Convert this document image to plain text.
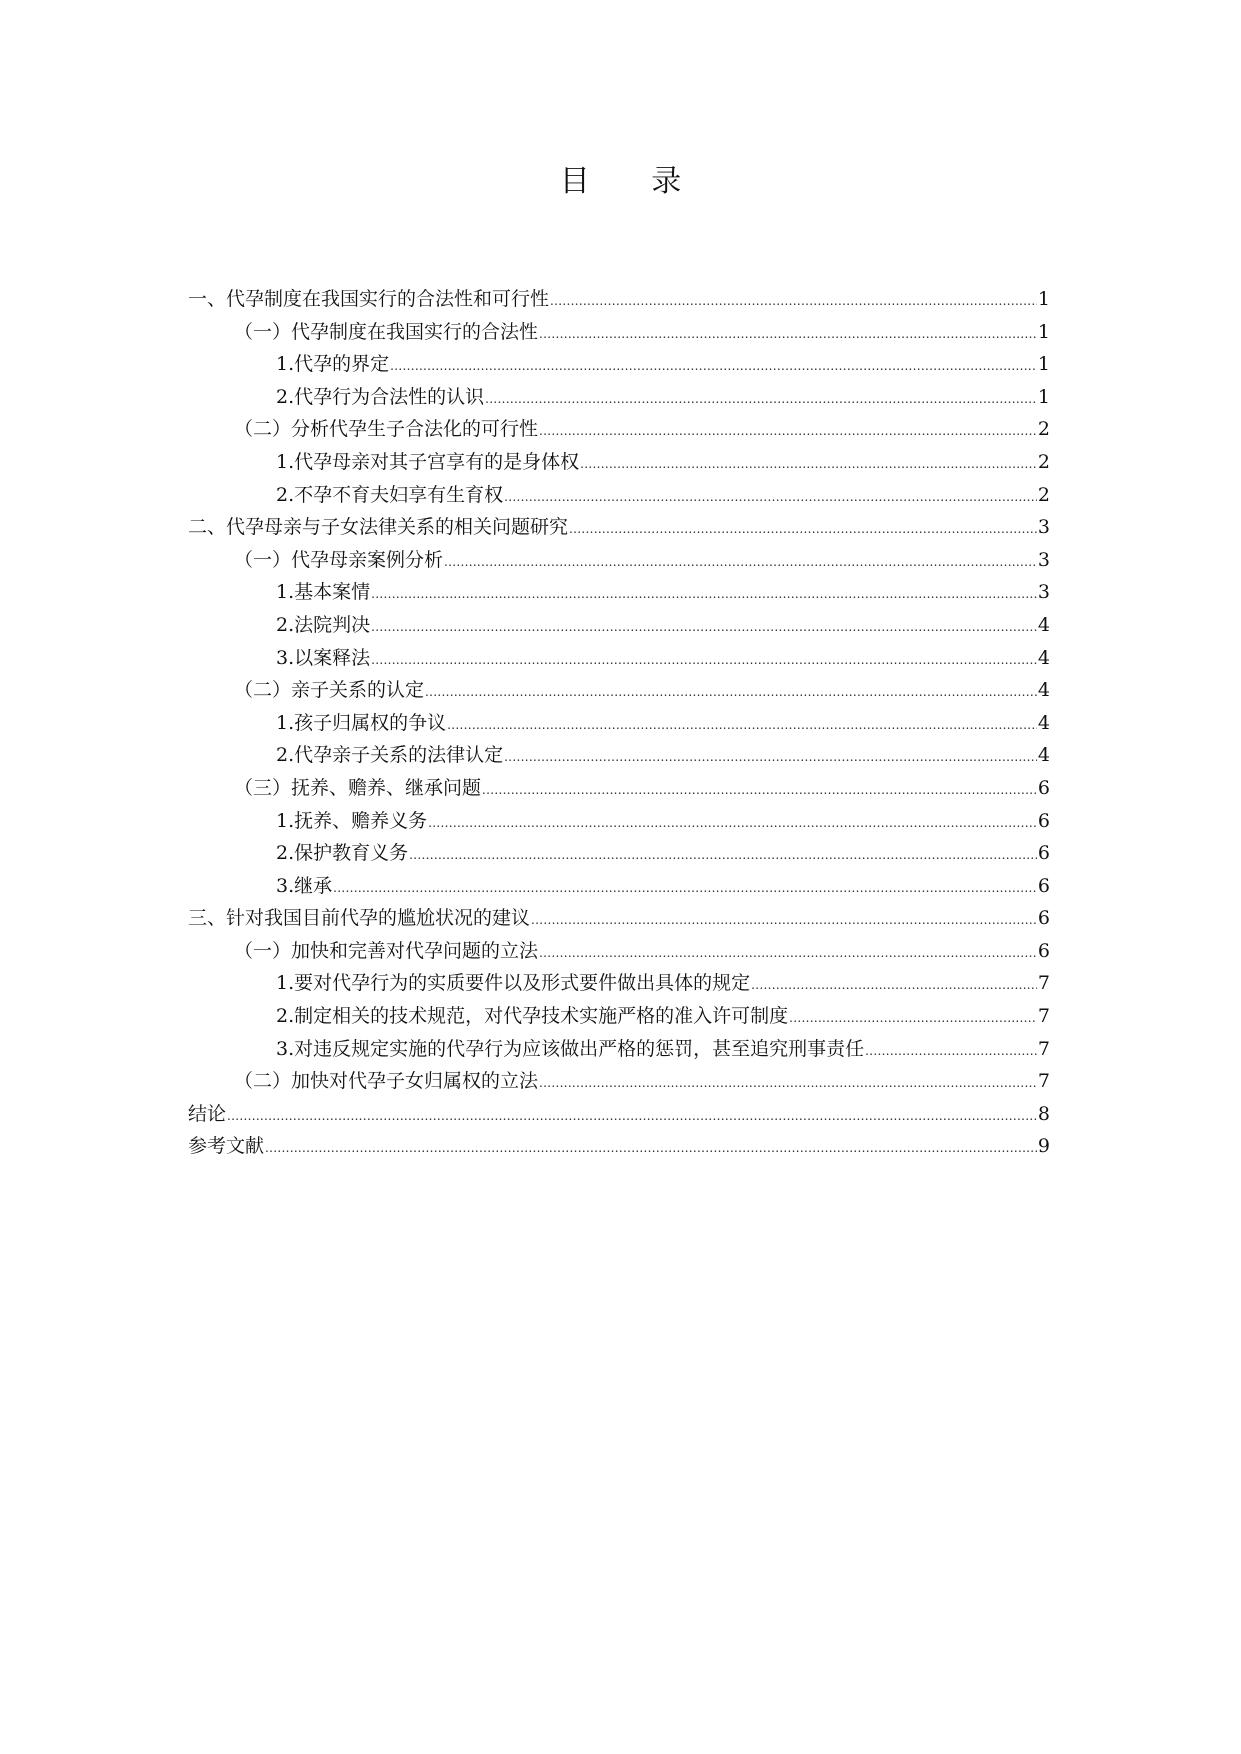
目 录
一、代孕制度在我国实行的合法性和可行性 .....	1
（一）代孕制度在我国实行的合法性 .....	1
1.代孕的界定 .....	1
2.代孕行为合法性的认识 .....	1
（二）分析代孕生子合法化的可行性 .....	2
1.代孕母亲对其子宫享有的是身体权 .....	2
2.不孕不育夫妇享有生育权 .....	2
二、代孕母亲与子女法律关系的相关问题研究 .....	3
（一）代孕母亲案例分析 .....	3
1.基本案情 .....	3
2.法院判决 .....	4
3.以案释法 .....	4
（二）亲子关系的认定 .....	4
1.孩子归属权的争议 .....	4
2.代孕亲子关系的法律认定 .....	4
（三）抚养、赡养、继承问题 .....	6
1.抚养、赡养义务 .....	6
2.保护教育义务 .....	6
3.继承 .....	6
三、针对我国目前代孕的尴尬状况的建议 .....	6
（一）加快和完善对代孕问题的立法 .....	6
1.要对代孕行为的实质要件以及形式要件做出具体的规定 .....	7
2.制定相关的技术规范，对代孕技术实施严格的准入许可制度 .....	7
3.对违反规定实施的代孕行为应该做出严格的惩罚，甚至追究刑事责任 .....	7
（二）加快对代孕子女归属权的立法 .....	7
结论 .....	8
参考文献 .....	9
